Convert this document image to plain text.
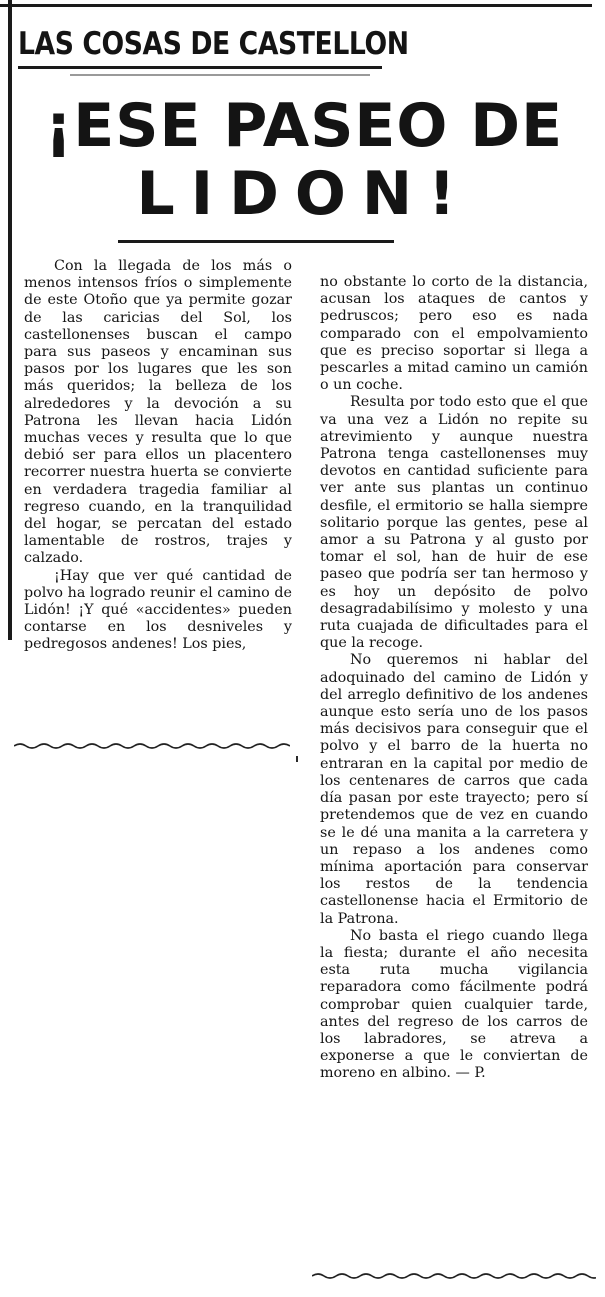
LAS COSAS DE CASTELLON
¡ESE PASEO DE
LIDON!

Con la llegada de los más o menos intensos fríos o simplemente de este Otoño que ya permite gozar de las caricias del Sol, los castellonenses buscan el campo para sus paseos y encaminan sus pasos por los lugares que les son más queridos; la belleza de los alrededores y la devoción a su Patrona les llevan hacia Lidón muchas veces y resulta que lo que debió ser para ellos un placentero recorrer nuestra huerta se convierte en verdadera tragedia familiar al regreso cuando, en la tranquilidad del hogar, se percatan del estado lamentable de rostros, trajes y calzado.

¡Hay que ver qué cantidad de polvo ha logrado reunir el camino de Lidón! ¡Y qué «accidentes» pueden contarse en los desniveles y pedregosos andenes! Los pies,

no obstante lo corto de la distancia, acusan los ataques de cantos y pedruscos; pero eso es nada comparado con el empolvamiento que es preciso soportar si llega a pescarles a mitad camino un camión o un coche.

Resulta por todo esto que el que va una vez a Lidón no repite su atrevimiento y aunque nuestra Patrona tenga castellonenses muy devotos en cantidad suficiente para ver ante sus plantas un continuo desfile, el ermitorio se halla siempre solitario porque las gentes, pese al amor a su Patrona y al gusto por tomar el sol, han de huir de ese paseo que podría ser tan hermoso y es hoy un depósito de polvo desagradabilísimo y molesto y una ruta cuajada de dificultades para el que la recoge.

No queremos ni hablar del adoquinado del camino de Lidón y del arreglo definitivo de los andenes aunque esto sería uno de los pasos más decisivos para conseguir que el polvo y el barro de la huerta no entraran en la capital por medio de los centenares de carros que cada día pasan por este trayecto; pero sí pretendemos que de vez en cuando se le dé una manita a la carretera y un repaso a los andenes como mínima aportación para conservar los restos de la tendencia castellonense hacia el Ermitorio de la Patrona.

No basta el riego cuando llega la fiesta; durante el año necesita esta ruta mucha vigilancia reparadora como fácilmente podrá comprobar quien cualquier tarde, antes del regreso de los carros de los labradores, se atreva a exponerse a que le conviertan de moreno en albino. — P.
